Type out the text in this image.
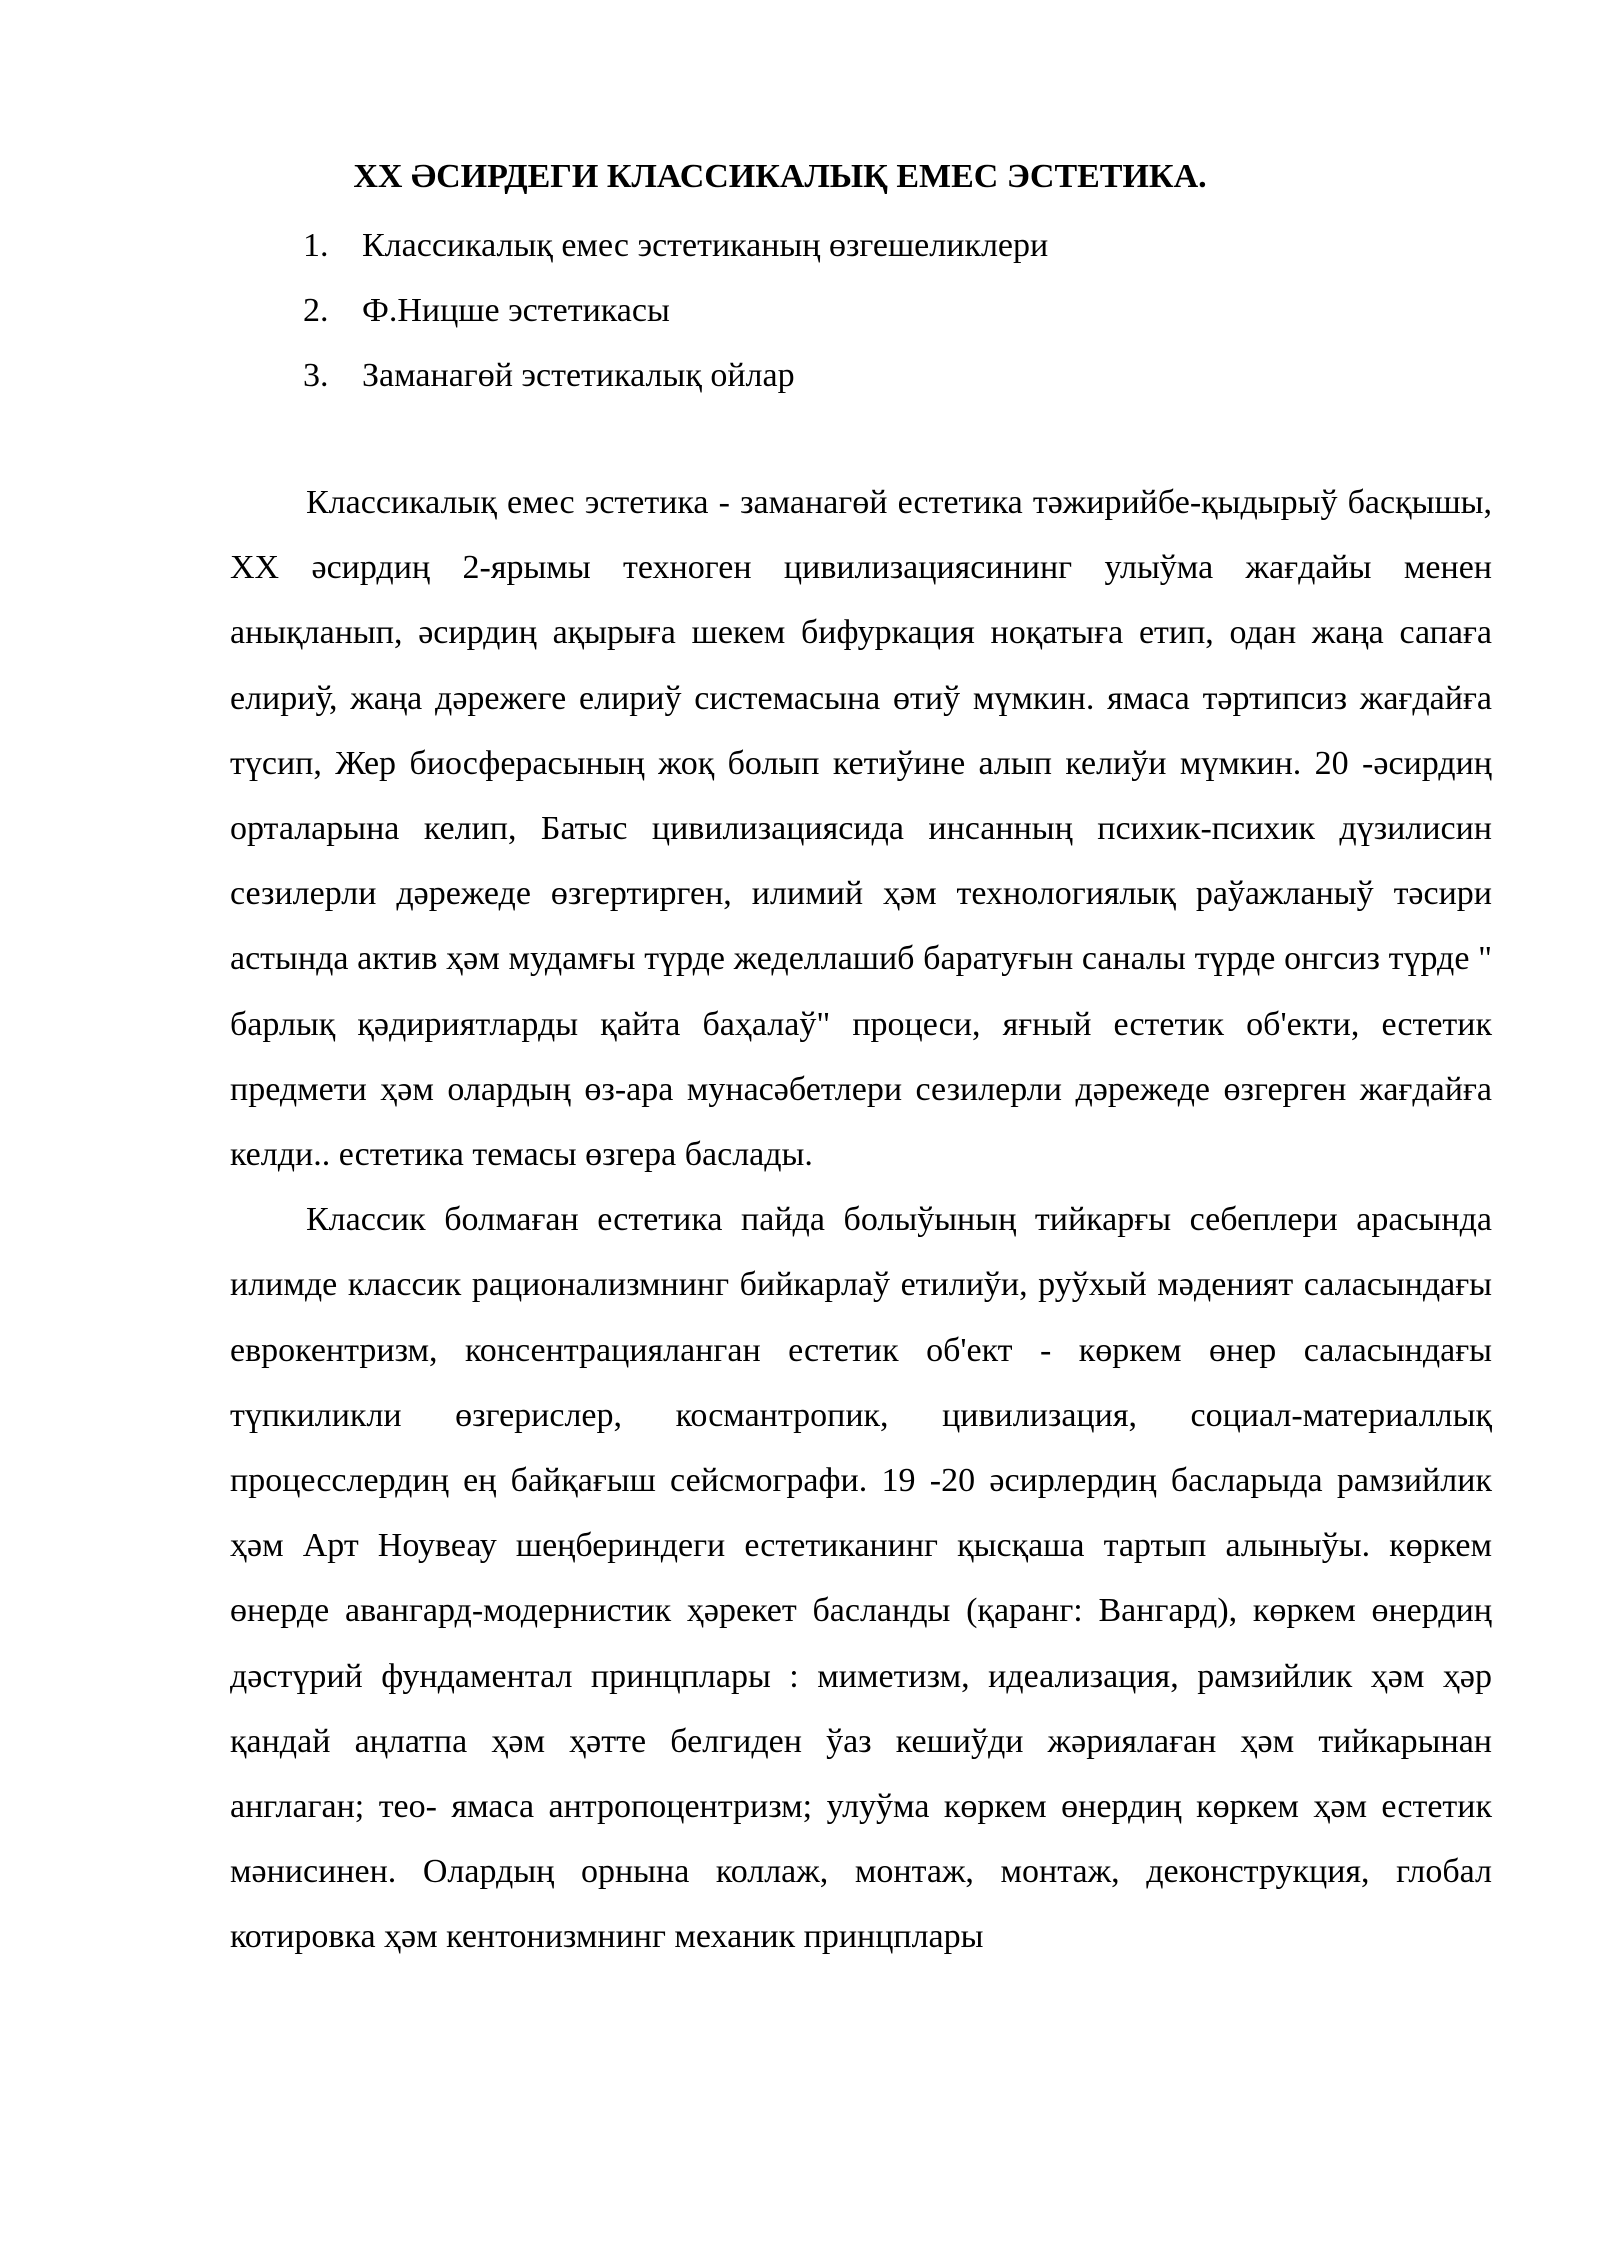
XX ӘСИРДЕГИ КЛАССИКАЛЫҚ ЕМЕС ЭСТЕТИКА.
1. Классикалық емес эстетиканың өзгешеликлери
2. Ф.Ницше эстетикасы
3. Заманагөй эстетикалық ойлар

Классикалық емес эстетика - заманагөй естетика тәжирийбе-қыдырыў басқышы, XX әсирдиң 2-ярымы техноген цивилизациясининг улыўма жағдайы менен анықланып, әсирдиң ақырыға шекем бифуркация ноқатыға етип, одан жаңа сапаға елириў, жаңа дәрежеге елириў системасына өтиў мүмкин. ямаса тәртипсиз жағдайға түсип, Жер биосферасының жоқ болып кетиўине алып келиўи мүмкин. 20 -әсирдиң орталарына келип, Батыс цивилизациясида инсанның психик-психик дүзилисин сезилерли дәрежеде өзгертирген, илимий ҳәм технологиялық раўажланыў тәсири астында актив ҳәм мудамғы түрде жеделлашиб баратуғын саналы түрде онгсиз түрде " барлық қәдириятларды қайта баҳалаў" процеси, яғный естетик об'екти, естетик предмети ҳәм олардың өз-ара мунасәбетлери сезилерли дәрежеде өзгерген жағдайға келди.. естетика темасы өзгера баслады.

Классик болмаған естетика пайда болыўының тийкарғы себеплери арасында илимде классик рационализмнинг бийкарлаў етилиўи, руўхый мәдeният саласындағы еврокентризм, консентрацияланган естетик об'ект - көркем өнер саласындағы түпкиликли өзгерислер, космантропик, цивилизация, социал-материаллық процесслердиң ең байқағыш сейсмографи. 19 -20 әсирлердиң басларыда рамзийлик ҳәм Арт Ноувеау шеңбериндеги естетиканинг қысқаша тартып алыныўы. көркем өнерде авангард-модернистик ҳәрекет басланды (қаранг: Вангард), көркем өнердиң дәстүрий фундаментал принцплары : миметизм, идеализация, рамзийлик ҳәм ҳәр қандай аңлатпа ҳәм ҳәтте белгиден ўаз кешиўди жәриялаған ҳәм тийкарынан англаган; тео- ямаса антропоцентризм; улуўма көркем өнердиң көркем ҳәм естетик мәнисинен. Олардың орнына коллаж, монтаж, монтаж, деконструкция, глобал котировка ҳәм кентонизмнинг механик принцплары
